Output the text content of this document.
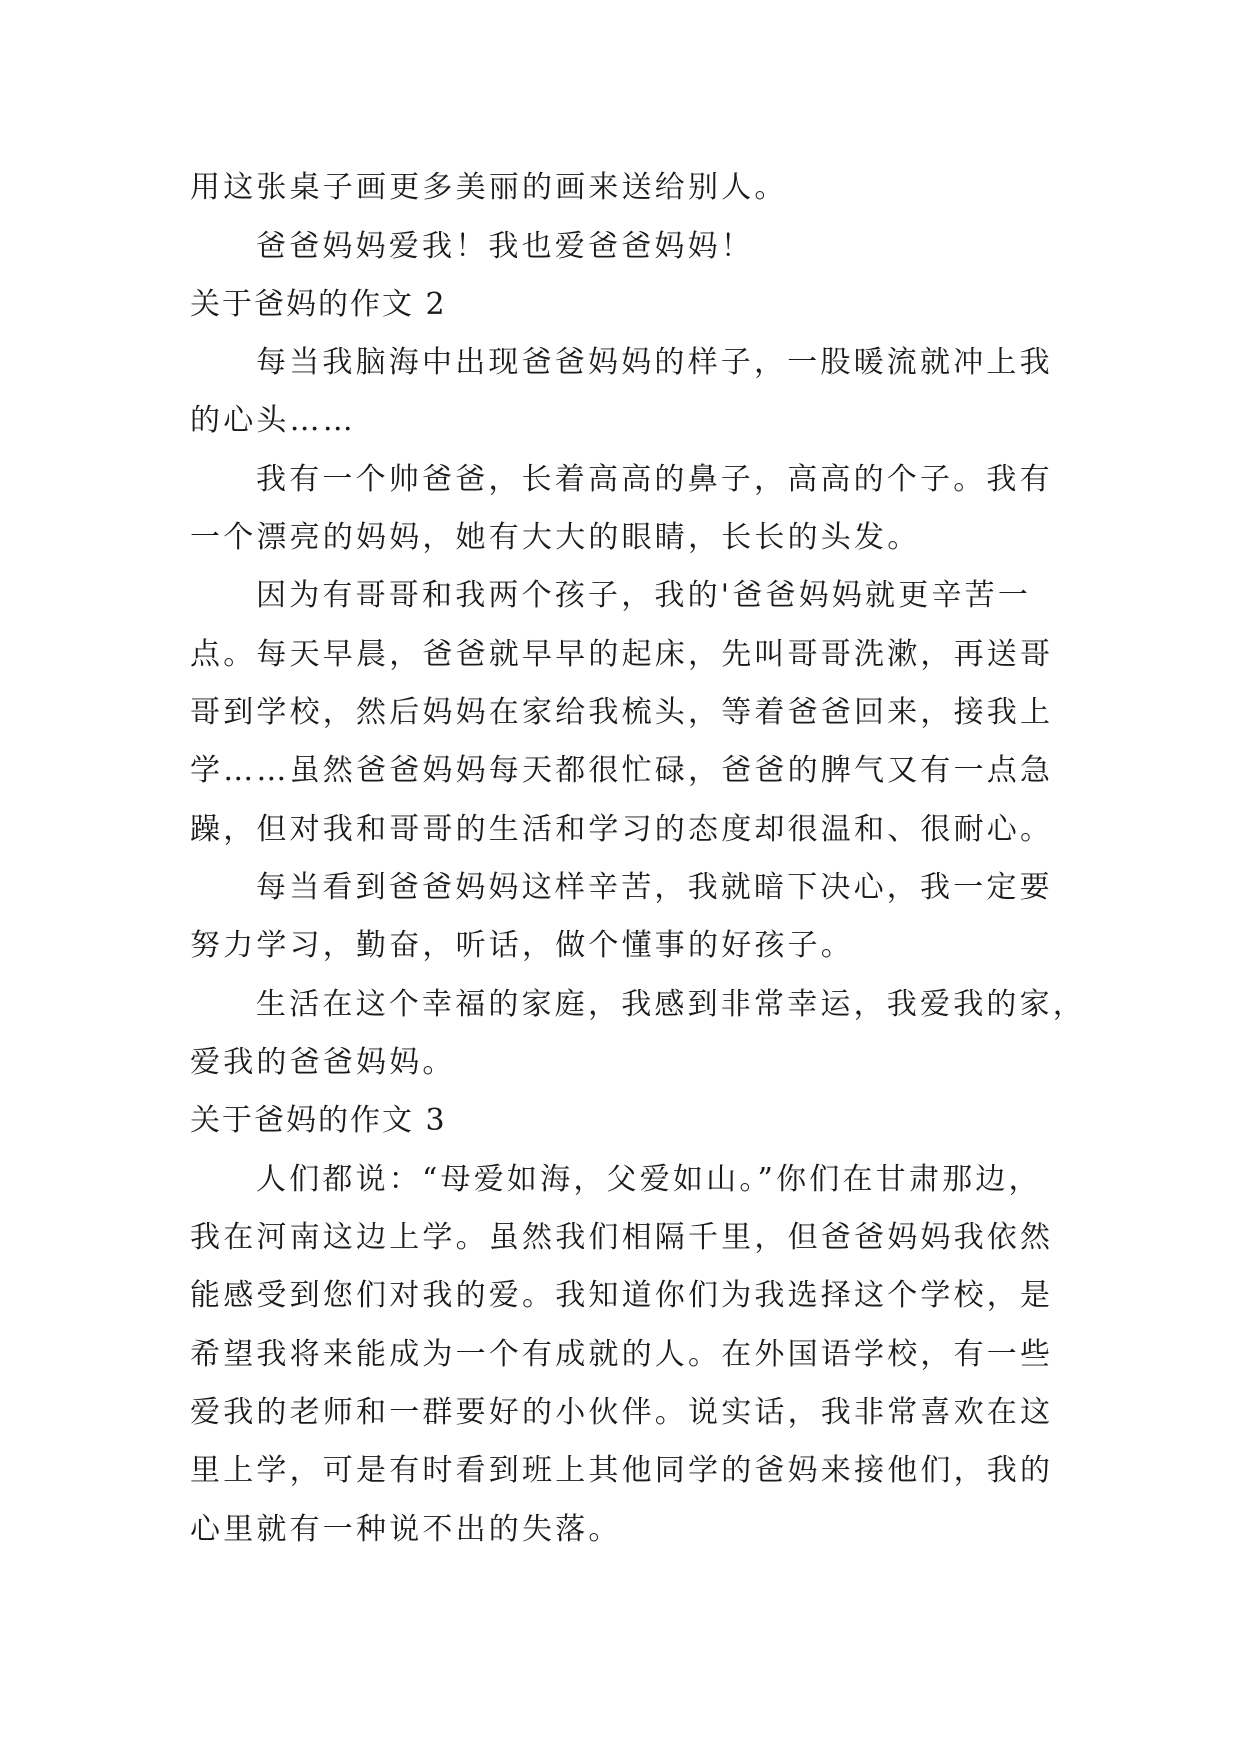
用这张桌子画更多美丽的画来送给别人。

爸爸妈妈爱我！我也爱爸爸妈妈！

关于爸妈的作文 2

每当我脑海中出现爸爸妈妈的样子，一股暖流就冲上我

的心头……

我有一个帅爸爸，长着高高的鼻子，高高的个子。我有

一个漂亮的妈妈，她有大大的眼睛，长长的头发。

因为有哥哥和我两个孩子，我的'爸爸妈妈就更辛苦一

点。每天早晨，爸爸就早早的起床，先叫哥哥洗漱，再送哥

哥到学校，然后妈妈在家给我梳头，等着爸爸回来，接我上

学……虽然爸爸妈妈每天都很忙碌，爸爸的脾气又有一点急

躁，但对我和哥哥的生活和学习的态度却很温和、很耐心。

每当看到爸爸妈妈这样辛苦，我就暗下决心，我一定要

努力学习，勤奋，听话，做个懂事的好孩子。

生活在这个幸福的家庭，我感到非常幸运，我爱我的家，

爱我的爸爸妈妈。

关于爸妈的作文 3

人们都说：“母爱如海，父爱如山。”你们在甘肃那边，

我在河南这边上学。虽然我们相隔千里，但爸爸妈妈我依然

能感受到您们对我的爱。我知道你们为我选择这个学校，是

希望我将来能成为一个有成就的人。在外国语学校，有一些

爱我的老师和一群要好的小伙伴。说实话，我非常喜欢在这

里上学，可是有时看到班上其他同学的爸妈来接他们，我的

心里就有一种说不出的失落。
